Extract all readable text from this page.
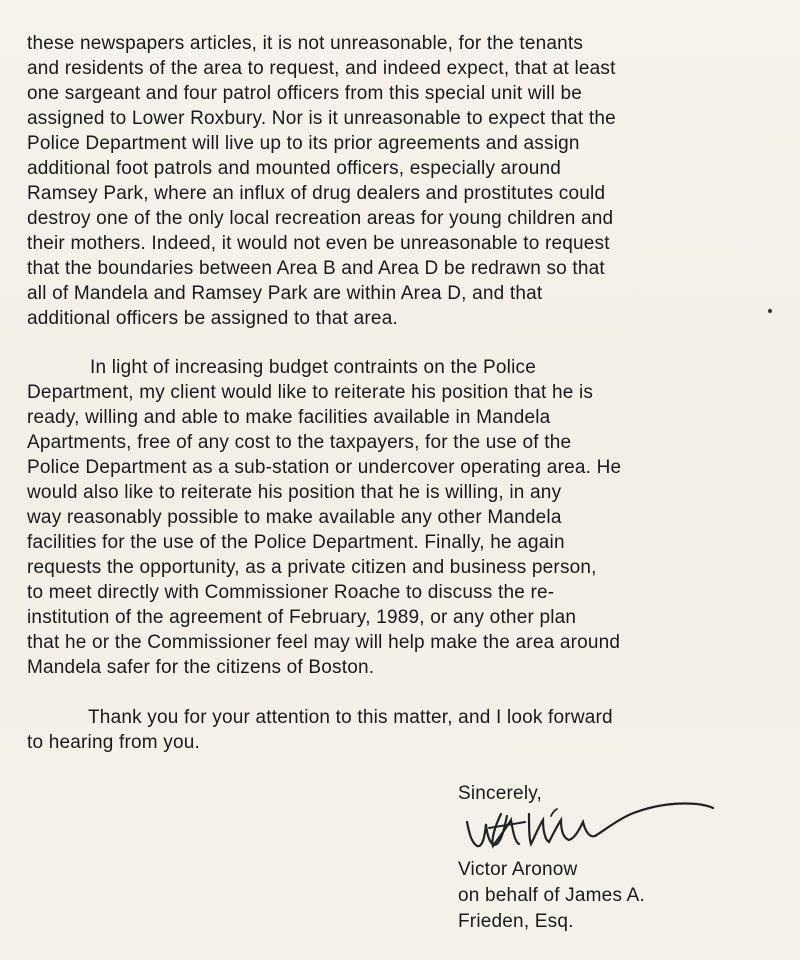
these newspapers articles, it is not unreasonable, for the tenants
and residents of the area to request, and indeed expect, that at least
one sargeant and four patrol officers from this special unit will be
assigned to Lower Roxbury. Nor is it unreasonable to expect that the
Police Department will live up to its prior agreements and assign
additional foot patrols and mounted officers, especially around
Ramsey Park, where an influx of drug dealers and prostitutes could
destroy one of the only local recreation areas for young children and
their mothers. Indeed, it would not even be unreasonable to request
that the boundaries between Area B and Area D be redrawn so that
all of Mandela and Ramsey Park are within Area D, and that
additional officers be assigned to that area.
In light of increasing budget contraints on the Police
Department, my client would like to reiterate his position that he is
ready, willing and able to make facilities available in Mandela
Apartments, free of any cost to the taxpayers, for the use of the
Police Department as a sub-station or undercover operating area. He
would also like to reiterate his position that he is willing, in any
way reasonably possible to make available any other Mandela
facilities for the use of the Police Department. Finally, he again
requests the opportunity, as a private citizen and business person,
to meet directly with Commissioner Roache to discuss the re-
institution of the agreement of February, 1989, or any other plan
that he or the Commissioner feel may will help make the area around
Mandela safer for the citizens of Boston.
Thank you for your attention to this matter, and I look forward
to hearing from you.
Sincerely,
Victor Aronow
on behalf of James A.
Frieden, Esq.
